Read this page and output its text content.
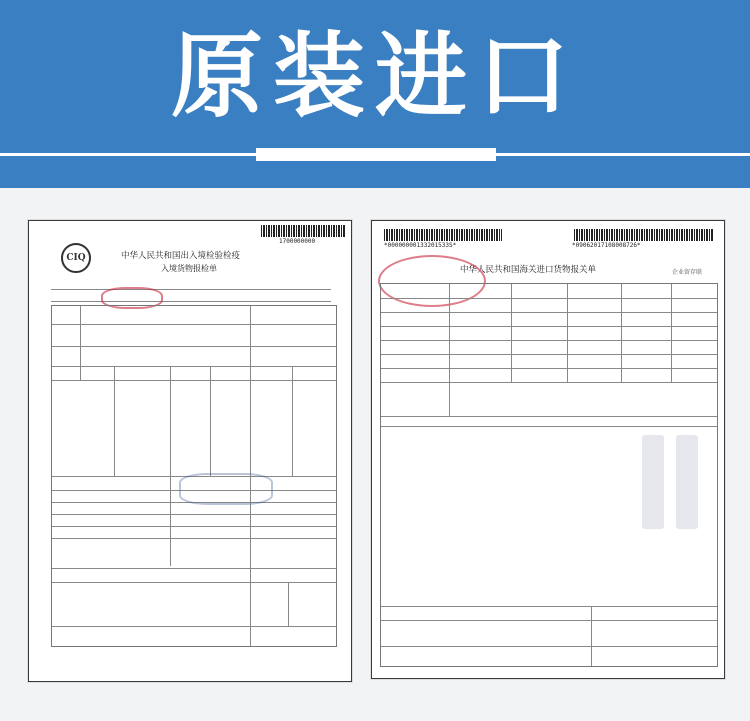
原装进口
1700000000
CIQ	中华人民共和国出入境检验检疫
入境货物报检单
*00000000133201533S*	*09062017108008726*
中华人民共和国海关进口货物报关单	企业留存联
